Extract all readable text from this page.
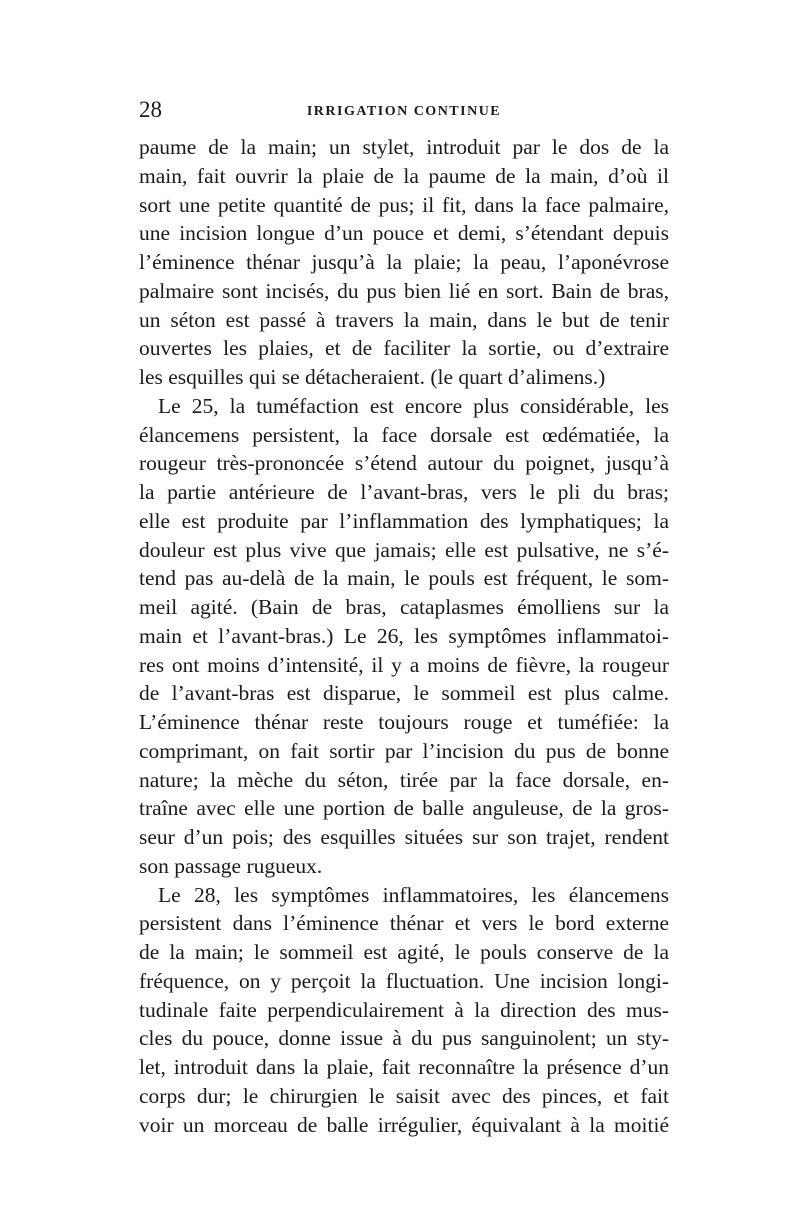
28	IRRIGATION CONTINUE
paume de la main; un stylet, introduit par le dos de la
main, fait ouvrir la plaie de la paume de la main, d’où il
sort une petite quantité de pus; il fit, dans la face palmaire,
une incision longue d’un pouce et demi, s’étendant depuis
l’éminence thénar jusqu’à la plaie; la peau, l’aponévrose
palmaire sont incisés, du pus bien lié en sort. Bain de bras,
un séton est passé à travers la main, dans le but de tenir
ouvertes les plaies, et de faciliter la sortie, ou d’extraire
les esquilles qui se détacheraient. (le quart d’alimens.)
Le 25, la tuméfaction est encore plus considérable, les
élancemens persistent, la face dorsale est œdématiée, la
rougeur très-prononcée s’étend autour du poignet, jusqu’à
la partie antérieure de l’avant-bras, vers le pli du bras;
elle est produite par l’inflammation des lymphatiques; la
douleur est plus vive que jamais; elle est pulsative, ne s’é-
tend pas au-delà de la main, le pouls est fréquent, le som-
meil agité. (Bain de bras, cataplasmes émolliens sur la
main et l’avant-bras.) Le 26, les symptômes inflammatoi-
res ont moins d’intensité, il y a moins de fièvre, la rougeur
de l’avant-bras est disparue, le sommeil est plus calme.
L’éminence thénar reste toujours rouge et tuméfiée: la
comprimant, on fait sortir par l’incision du pus de bonne
nature; la mèche du séton, tirée par la face dorsale, en-
traîne avec elle une portion de balle anguleuse, de la gros-
seur d’un pois; des esquilles situées sur son trajet, rendent
son passage rugueux.
Le 28, les symptômes inflammatoires, les élancemens
persistent dans l’éminence thénar et vers le bord externe
de la main; le sommeil est agité, le pouls conserve de la
fréquence, on y perçoit la fluctuation. Une incision longi-
tudinale faite perpendiculairement à la direction des mus-
cles du pouce, donne issue à du pus sanguinolent; un sty-
let, introduit dans la plaie, fait reconnaître la présence d’un
corps dur; le chirurgien le saisit avec des pinces, et fait
voir un morceau de balle irrégulier, équivalant à la moitié
